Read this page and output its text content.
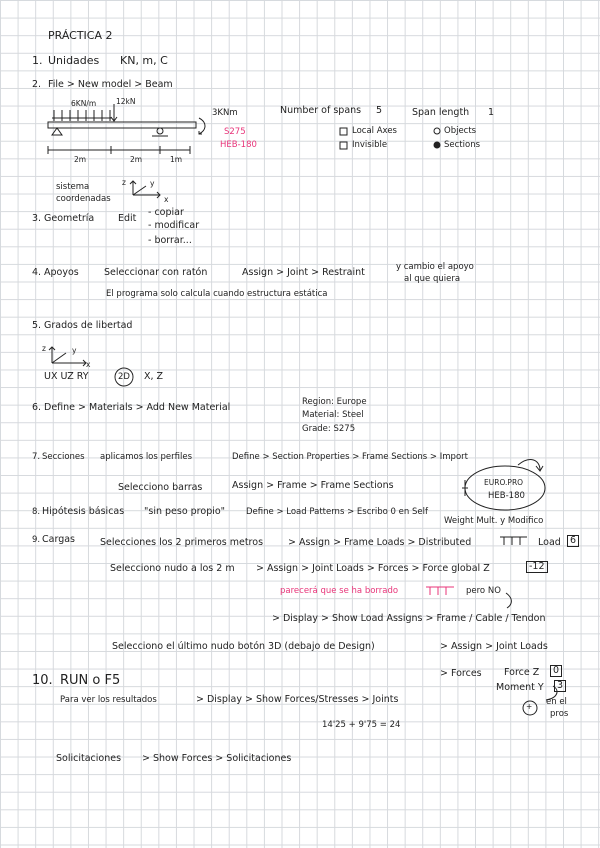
PRÁCTICA 2
1. Unidades KN, m, C
2. File > New model > Beam
6KN/m	12kN
3KNm
S275
HEB-180
Number of spans 5	Span length 1
Local Axes
Invisible
Objects
Sections
2m	2m	1m
sistema
coordenadas
z	y
x
3. Geometría	Edit
- copiar
- modificar
- borrar...
4. Apoyos	Seleccionar con ratón	Assign > Joint > Restraint	y cambio el apoyo
al que quiera
El programa solo calcula cuando estructura estática
5. Grados de libertad
z	y
x
UX UZ RY	2D X, Z
6. Define > Materials > Add New Material	Region: Europe
Material: Steel
Grade: S275
7. Secciones aplicamos los perfiles	Define > Section Properties > Frame Sections > Import
Selecciono barras	Assign > Frame > Frame Sections	EURO.PRO
HEB-180
8. Hipótesis básicas "sin peso propio" Define > Load Patterns > Escribo 0 en Self
Weight Mult. y Modifico
9. Cargas	Selecciones los 2 primeros metros	> Assign > Frame Loads > Distributed	Load 6
Selecciono nudo a los 2 m > Assign > Joint Loads > Forces > Force global Z	-12
parecerá que se ha borrado	pero NO
> Display > Show Load Assigns > Frame / Cable / Tendon
Selecciono el último nudo botón 3D (debajo de Design)	> Assign > Joint Loads
> Forces Force Z	0
Moment Y	3
+ en el
pros
10. RUN o F5
Para ver los resultados	> Display > Show Forces/Stresses > Joints
14'25 + 9'75 = 24
Solicitaciones > Show Forces > Solicitaciones
